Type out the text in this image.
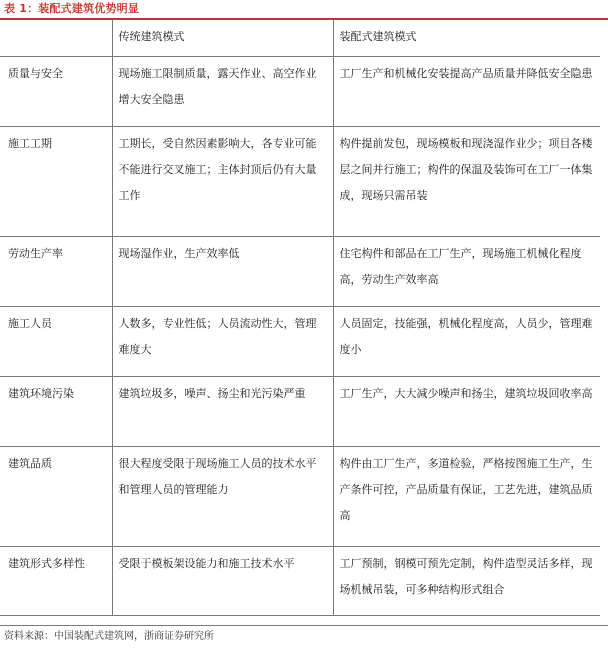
表 1：装配式建筑优势明显
	传统建筑模式	装配式建筑模式
质量与安全	现场施工限制质量，露天作业、高空作业增大安全隐患	工厂生产和机械化安装提高产品质量并降低安全隐患
施工工期	工期长，受自然因素影响大，各专业可能不能进行交叉施工；主体封顶后仍有大量工作	构件提前发包，现场模板和现浇湿作业少；项目各楼层之间并行施工；构件的保温及装饰可在工厂一体集成，现场只需吊装
劳动生产率	现场湿作业，生产效率低	住宅构件和部品在工厂生产，现场施工机械化程度高，劳动生产效率高
施工人员	人数多，专业性低；人员流动性大，管理难度大	人员固定，技能强，机械化程度高，人员少，管理难度小
建筑环境污染	建筑垃圾多，噪声、扬尘和光污染严重	工厂生产，大大减少噪声和扬尘，建筑垃圾回收率高
建筑品质	很大程度受限于现场施工人员的技术水平和管理人员的管理能力	构件由工厂生产，多道检验，严格按图施工生产，生产条件可控，产品质量有保证，工艺先进，建筑品质高
建筑形式多样性	受限于模板架设能力和施工技术水平	工厂预制，钢模可预先定制，构件造型灵活多样，现场机械吊装，可多种结构形式组合
资料来源：中国装配式建筑网，浙商证券研究所
